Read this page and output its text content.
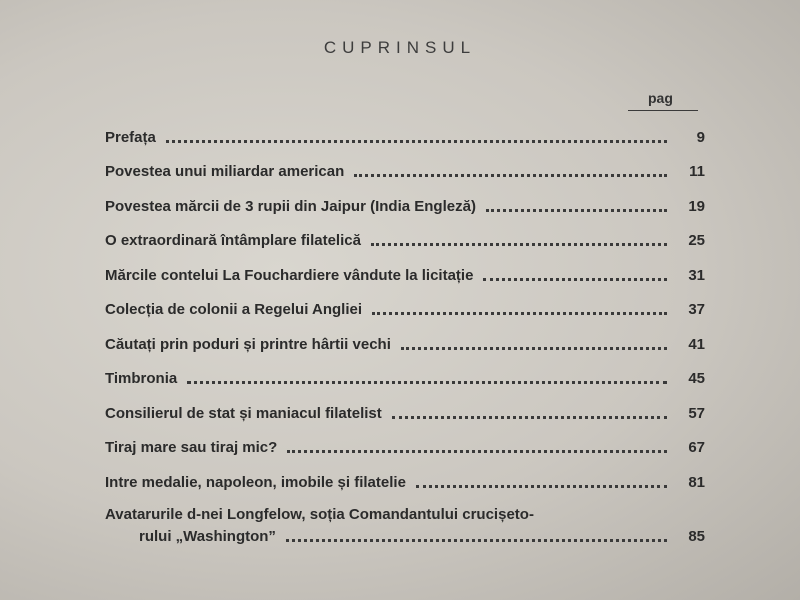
CUPRINSUL
pag
Prefața	9
Povestea unui miliardar american	11
Povestea mărcii de 3 rupii din Jaipur (India Engleză)	19
O extraordinară întâmplare filatelică	25
Mărcile contelui La Fouchardiere vândute la licitație	31
Colecția de colonii a Regelui Angliei	37
Căutați prin poduri și printre hârtii vechi	41
Timbronia	45
Consilierul de stat și maniacul filatelist	57
Tiraj mare sau tiraj mic?	67
Intre medalie, napoleon, imobile și filatelie	81
Avatarurile d-nei Longfelow, soția Comandantului crucișeto-
rului „Washington”	85
